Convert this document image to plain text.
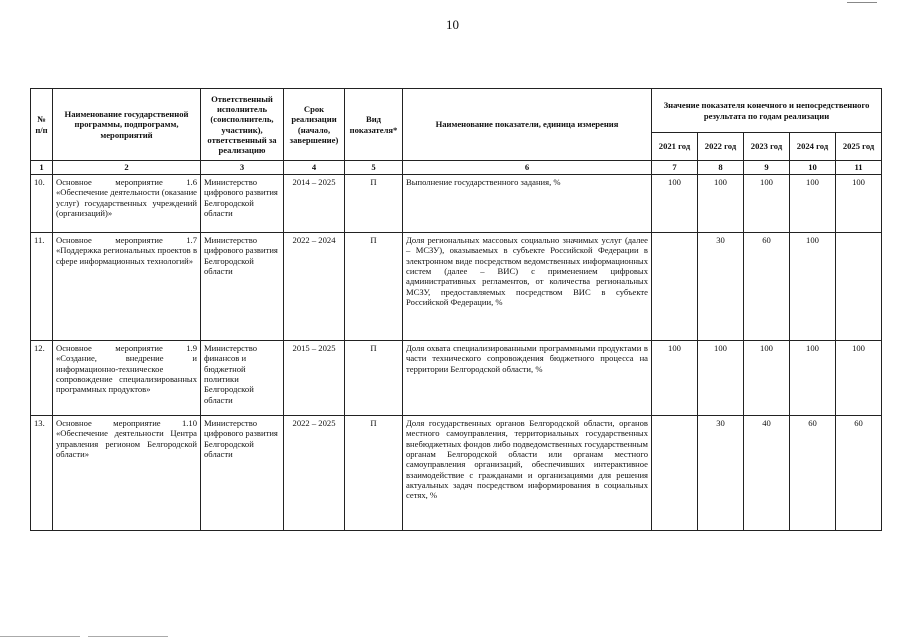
10
№ п/п	Наименование государственной программы, подпрограмм, мероприятий	Ответственный исполнитель (соисполнитель, участник), ответственный за реализацию	Срок реализации (начало, завершение)	Вид показателя*	Наименование показатели, единица измерения	Значение показателя конечного и непосредственного результата по годам реализации				
						2021 год	2022 год	2023 год	2024 год	2025 год
1	2	3	4	5	6	7	8	9	10	11
10.	Основное мероприятие 1.6 «Обеспечение деятельности (оказание услуг) государственных учреждений (организаций)»	Министерство цифрового развития Белгородской области	2014 – 2025	П	Выполнение государственного задания, %	100	100	100	100	100
11.	Основное мероприятие 1.7 «Поддержка региональных проектов в сфере информационных технологий»	Министерство цифрового развития Белгородской области	2022 – 2024	П	Доля региональных массовых социально значимых услуг (далее – МСЗУ), оказываемых в субъекте Российской Федерации в электронном виде посредством ведомственных информационных систем (далее – ВИС) с применением цифровых административных регламентов, от количества региональных МСЗУ, предоставляемых посредством ВИС в субъекте Российской Федерации, %		30	60	100	
12.	Основное мероприятие 1.9 «Создание, внедрение и информационно-техническое сопровождение специализированных программных продуктов»	Министерство финансов и бюджетной политики Белгородской области	2015 – 2025	П	Доля охвата специализированными программными продуктами в части технического сопровождения бюджетного процесса на территории Белгородской области, %	100	100	100	100	100
13.	Основное мероприятие 1.10 «Обеспечение деятельности Центра управления регионом Белгородской области»	Министерство цифрового развития Белгородской области	2022 – 2025	П	Доля государственных органов Белгородской области, органов местного самоуправления, территориальных государственных внебюджетных фондов либо подведомственных государственным органам Белгородской области или органам местного самоуправления организаций, обеспечивших интерактивное взаимодействие с гражданами и организациями для решения актуальных задач посредством информирования в социальных сетях, %		30	40	60	60
